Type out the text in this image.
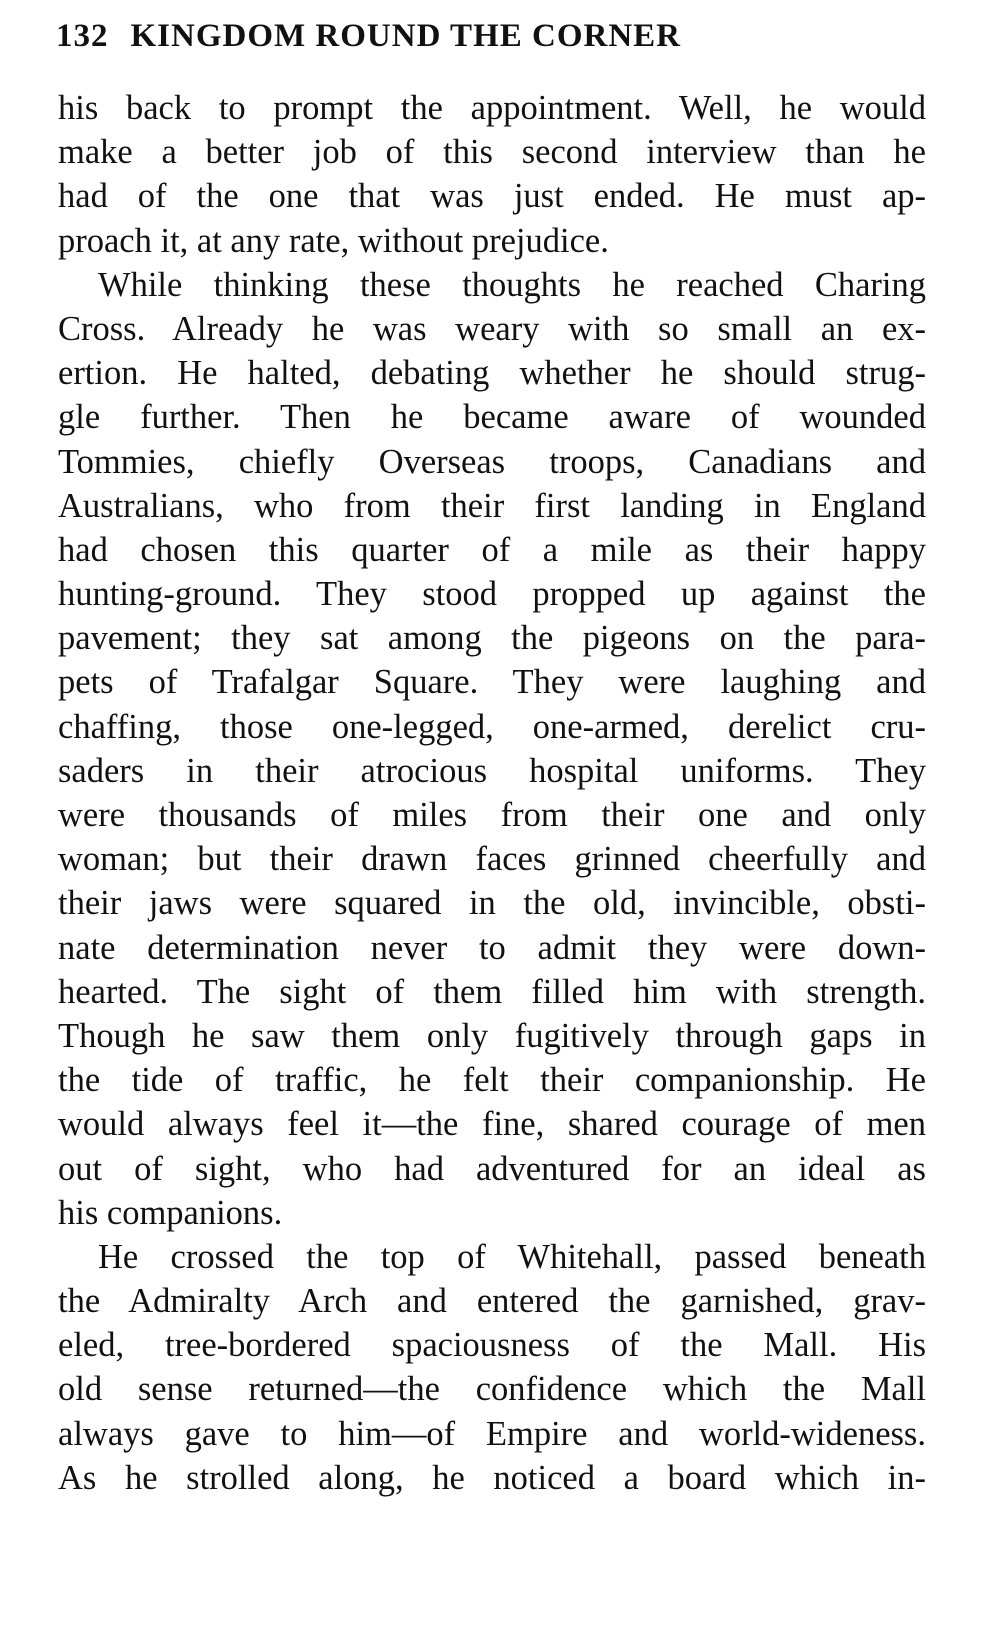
132 KINGDOM ROUND THE CORNER
his back to prompt the appointment. Well, he would
make a better job of this second interview than he
had of the one that was just ended. He must ap-
proach it, at any rate, without prejudice.
While thinking these thoughts he reached Charing
Cross. Already he was weary with so small an ex-
ertion. He halted, debating whether he should strug-
gle further. Then he became aware of wounded
Tommies, chiefly Overseas troops, Canadians and
Australians, who from their first landing in England
had chosen this quarter of a mile as their happy
hunting-ground. They stood propped up against the
pavement; they sat among the pigeons on the para-
pets of Trafalgar Square. They were laughing and
chaffing, those one-legged, one-armed, derelict cru-
saders in their atrocious hospital uniforms. They
were thousands of miles from their one and only
woman; but their drawn faces grinned cheerfully and
their jaws were squared in the old, invincible, obsti-
nate determination never to admit they were down-
hearted. The sight of them filled him with strength.
Though he saw them only fugitively through gaps in
the tide of traffic, he felt their companionship. He
would always feel it—the fine, shared courage of men
out of sight, who had adventured for an ideal as
his companions.
He crossed the top of Whitehall, passed beneath
the Admiralty Arch and entered the garnished, grav-
eled, tree-bordered spaciousness of the Mall. His
old sense returned—the confidence which the Mall
always gave to him—of Empire and world-wideness.
As he strolled along, he noticed a board which in-
